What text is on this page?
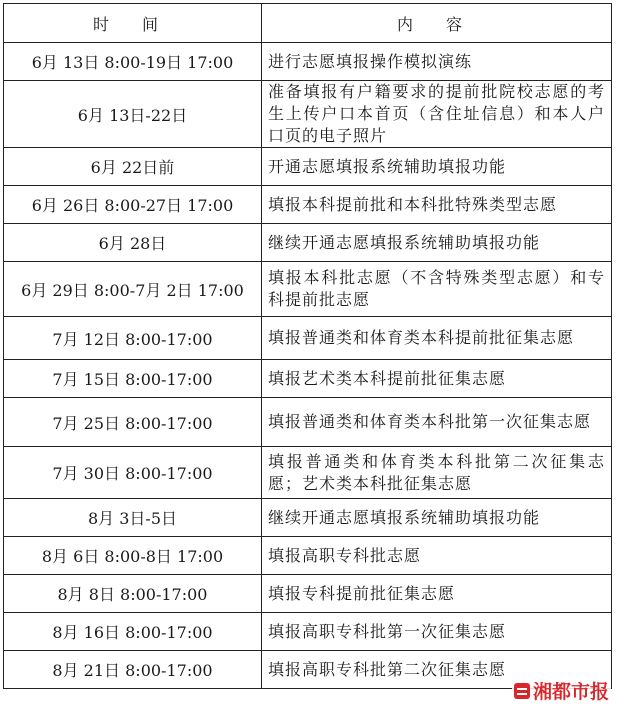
时 间	内 容
6月 13日 8:00-19日 17:00	进行志愿填报操作模拟演练
6月 13日-22日	准备填报有户籍要求的提前批院校志愿的考生上传户口本首页（含住址信息）和本人户口页的电子照片
6月 22日前	开通志愿填报系统辅助填报功能
6月 26日 8:00-27日 17:00	填报本科提前批和本科批特殊类型志愿
6月 28日	继续开通志愿填报系统辅助填报功能
6月 29日 8:00-7月 2日 17:00	填报本科批志愿（不含特殊类型志愿）和专科提前批志愿
7月 12日 8:00-17:00	填报普通类和体育类本科提前批征集志愿
7月 15日 8:00-17:00	填报艺术类本科提前批征集志愿
7月 25日 8:00-17:00	填报普通类和体育类本科批第一次征集志愿
7月 30日 8:00-17:00	填报普通类和体育类本科批第二次征集志愿；艺术类本科批征集志愿
8月 3日-5日	继续开通志愿填报系统辅助填报功能
8月 6日 8:00-8日 17:00	填报高职专科批志愿
8月 8日 8:00-17:00	填报专科提前批征集志愿
8月 16日 8:00-17:00	填报高职专科批第一次征集志愿
8月 21日 8:00-17:00	填报高职专科批第二次征集志愿
湘都市报
